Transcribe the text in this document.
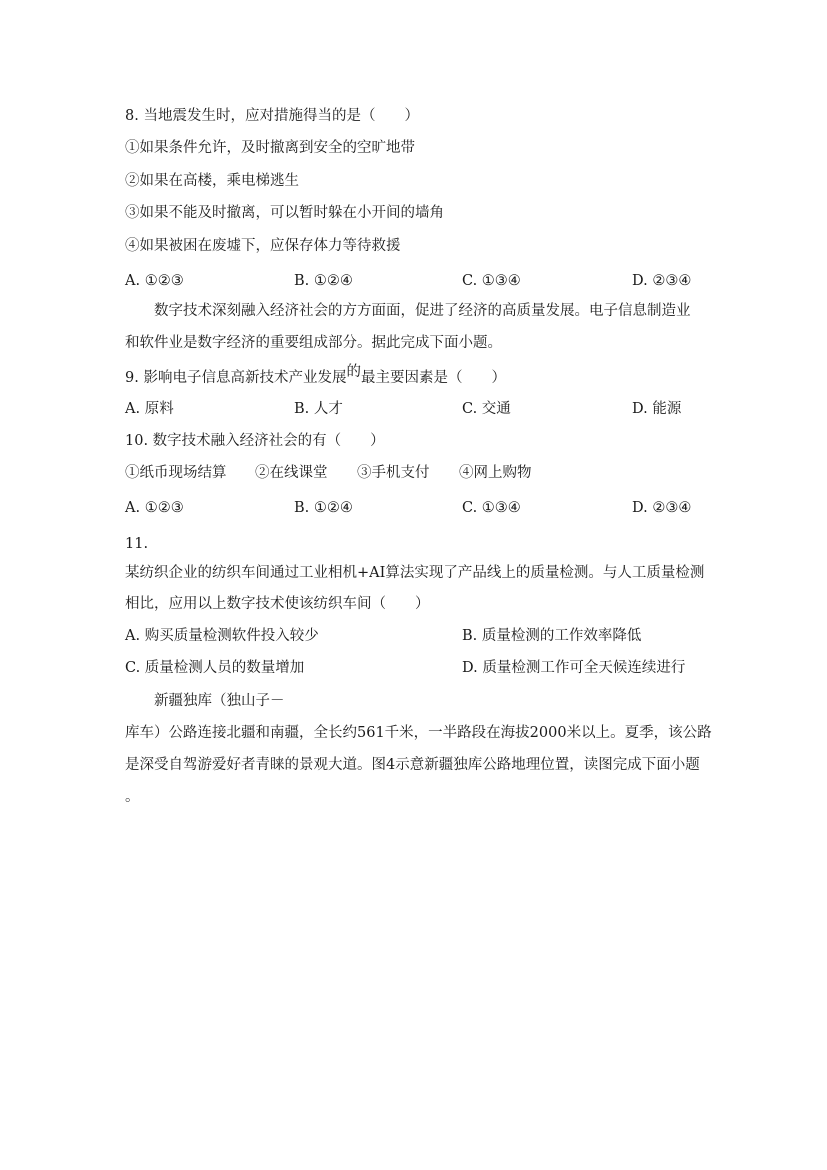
8. 当地震发生时，应对措施得当的是（　　）
①如果条件允许，及时撤离到安全的空旷地带
②如果在高楼，乘电梯逃生
③如果不能及时撤离，可以暂时躲在小开间的墙角
④如果被困在废墟下，应保存体力等待救援
A. ①②③	B. ①②④	C. ①③④	D. ②③④
数字技术深刻融入经济社会的方方面面，促进了经济的高质量发展。电子信息制造业
和软件业是数字经济的重要组成部分。据此完成下面小题。
9. 影响电子信息高新技术产业发展的最主要因素是（　　）
A. 原料	B. 人才	C. 交通	D. 能源
10. 数字技术融入经济社会的有（　　）
①纸币现场结算 ②在线课堂 ③手机支付 ④网上购物
A. ①②③	B. ①②④	C. ①③④	D. ②③④
11.
某纺织企业的纺织车间通过工业相机+AI算法实现了产品线上的质量检测。与人工质量检测
相比，应用以上数字技术使该纺织车间（　　）
A. 购买质量检测软件投入较少	B. 质量检测的工作效率降低
C. 质量检测人员的数量增加	D. 质量检测工作可全天候连续进行
新疆独库（独山子－
库车）公路连接北疆和南疆，全长约561千米，一半路段在海拔2000米以上。夏季，该公路
是深受自驾游爱好者青睐的景观大道。图4示意新疆独库公路地理位置，读图完成下面小题
。
